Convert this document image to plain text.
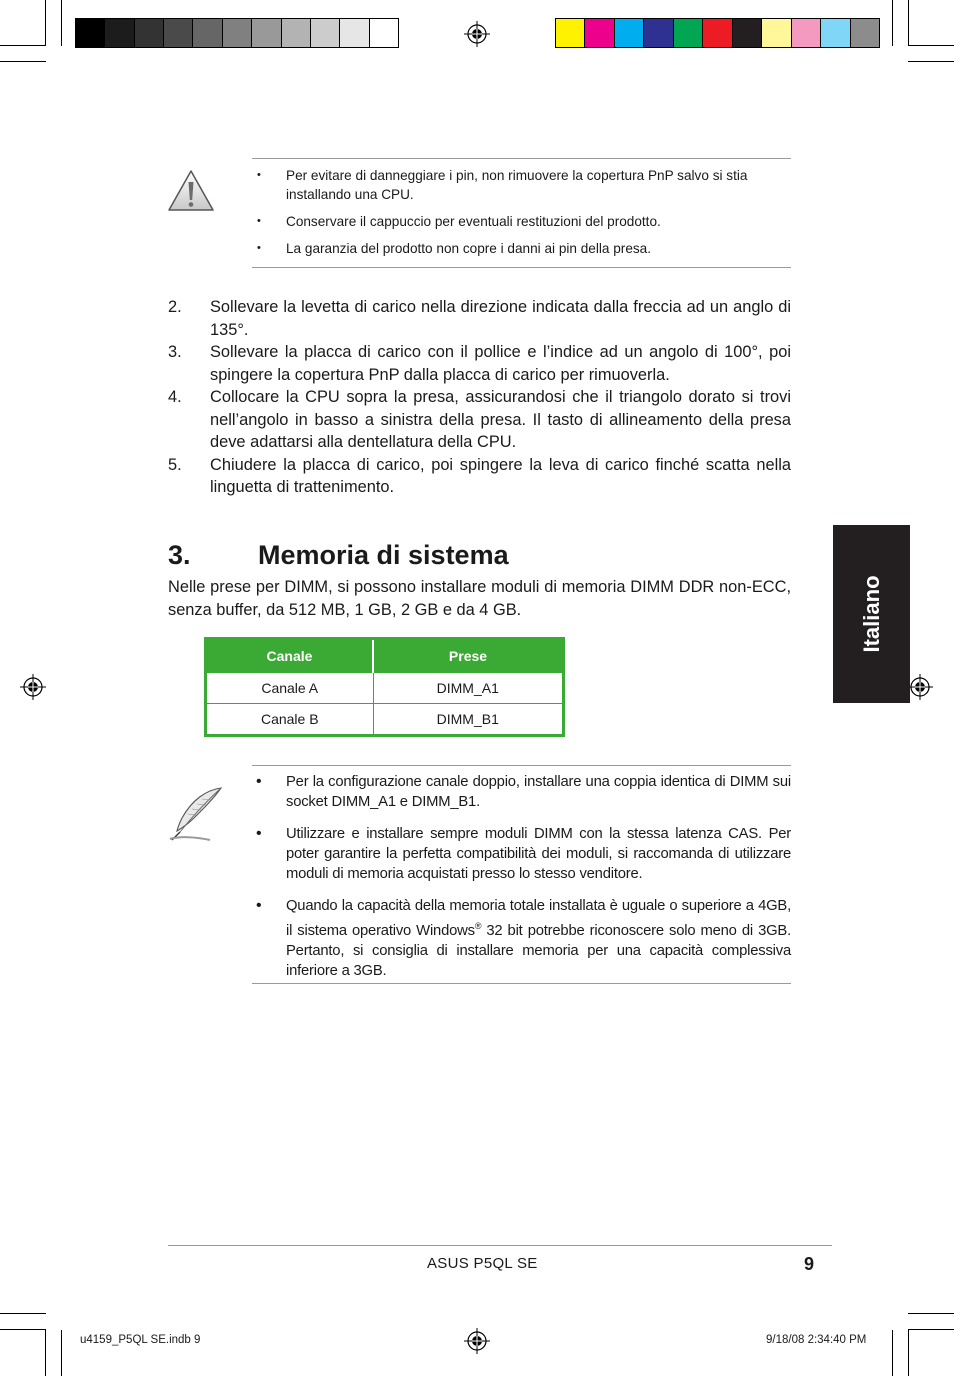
• Per evitare di danneggiare i pin, non rimuovere la copertura PnP salvo si stia installando una CPU.
• Conservare il cappuccio per eventuali restituzioni del prodotto.
• La garanzia del prodotto non copre i danni ai pin della presa.
2. Sollevare la levetta di carico nella direzione indicata dalla freccia ad un anglo di 135°.
3. Sollevare la placca di carico con il pollice e l’indice ad un angolo di 100°, poi spingere la copertura PnP dalla placca di carico per rimuoverla.
4. Collocare la CPU sopra la presa, assicurandosi che il triangolo dorato si trovi nell’angolo in basso a sinistra della presa. Il tasto di allineamento della presa deve adattarsi alla dentellatura della CPU.
5. Chiudere la placca di carico, poi spingere la leva di carico finché scatta nella linguetta di trattenimento.
3. Memoria di sistema

Nelle prese per DIMM, si possono installare moduli di memoria DIMM DDR non-ECC, senza buffer, da 512 MB, 1 GB, 2 GB e da 4 GB.

Canale	Prese
Canale A	DIMM_A1
Canale B	DIMM_B1
• Per la configurazione canale doppio, installare una coppia identica di DIMM sui socket DIMM_A1 e DIMM_B1.
• Utilizzare e installare sempre moduli DIMM con la stessa latenza CAS. Per poter garantire la perfetta compatibilità dei moduli, si raccomanda di utilizzare moduli di memoria acquistati presso lo stesso venditore.
• Quando la capacità della memoria totale installata è uguale o superiore a 4GB, il sistema operativo Windows® 32 bit potrebbe riconoscere solo meno di 3GB. Pertanto, si consiglia di installare memoria per una capacità complessiva inferiore a 3GB.
Italiano
ASUS P5QL SE	9
u4159_P5QL SE.indb 9	9/18/08 2:34:40 PM
